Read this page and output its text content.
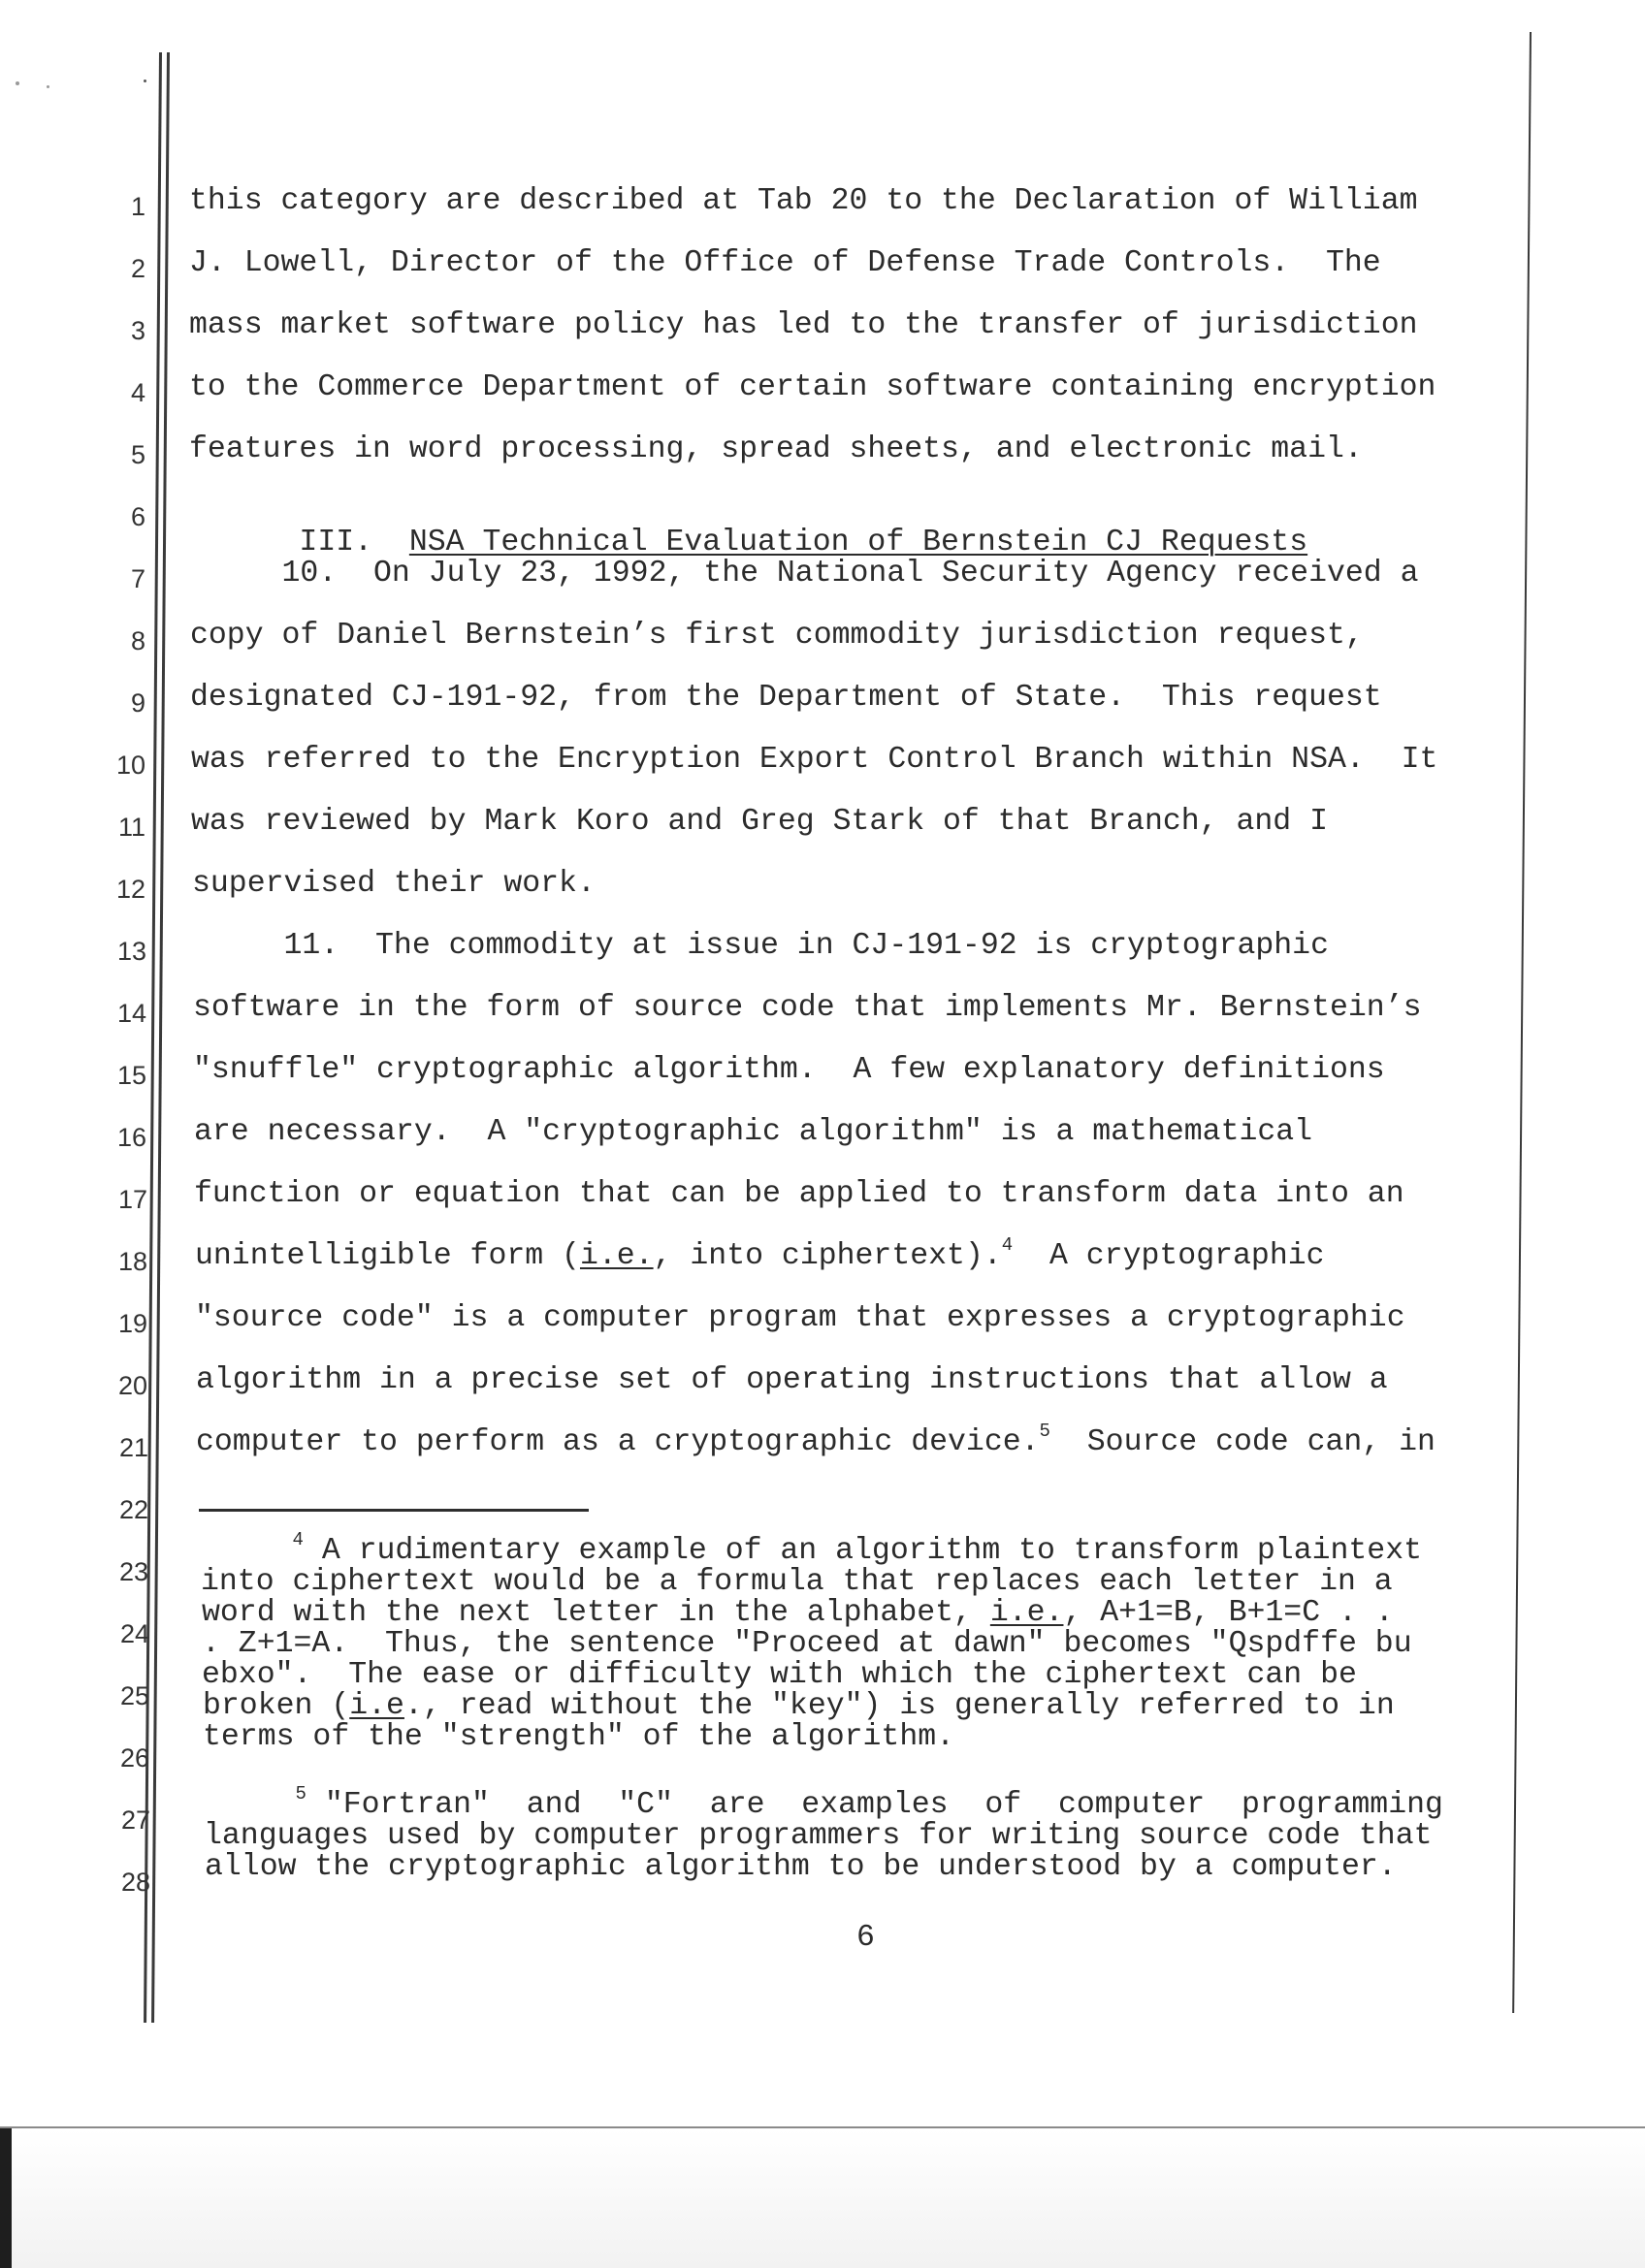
1
2
3
4
5
6
7
8
9
10
11
12
13
14
15
16
17
18
19
20
21
22
23
24
25
26
27
28
this category are described at Tab 20 to the Declaration of William
J. Lowell, Director of the Office of Defense Trade Controls.  The
mass market software policy has led to the transfer of jurisdiction
to the Commerce Department of certain software containing encryption
features in word processing, spread sheets, and electronic mail.

III. NSA Technical Evaluation of Bernstein CJ Requests

10.  On July 23, 1992, the National Security Agency received a
copy of Daniel Bernstein’s first commodity jurisdiction request,
designated CJ-191-92, from the Department of State.  This request
was referred to the Encryption Export Control Branch within NSA.  It
was reviewed by Mark Koro and Greg Stark of that Branch, and I
supervised their work.
11.  The commodity at issue in CJ-191-92 is cryptographic
software in the form of source code that implements Mr. Bernstein’s
"snuffle" cryptographic algorithm.  A few explanatory definitions
are necessary.  A "cryptographic algorithm" is a mathematical
function or equation that can be applied to transform data into an
unintelligible form (i.e., into ciphertext).$^4$  A cryptographic
"source code" is a computer program that expresses a cryptographic
algorithm in a precise set of operating instructions that allow a
computer to perform as a cryptographic device.$^5$  Source code can, in
$^4$ A rudimentary example of an algorithm to transform plaintext
into ciphertext would be a formula that replaces each letter in a
word with the next letter in the alphabet, i.e., A+1=B, B+1=C . .
. Z+1=A.  Thus, the sentence "Proceed at dawn" becomes "Qspdffe bu
ebxo".  The ease or difficulty with which the ciphertext can be
broken (i.e., read without the "key") is generally referred to in
terms of the "strength" of the algorithm.
$^5$ "Fortran"  and  "C"  are  examples  of  computer  programming
languages used by computer programmers for writing source code that
allow the cryptographic algorithm to be understood by a computer.
6
